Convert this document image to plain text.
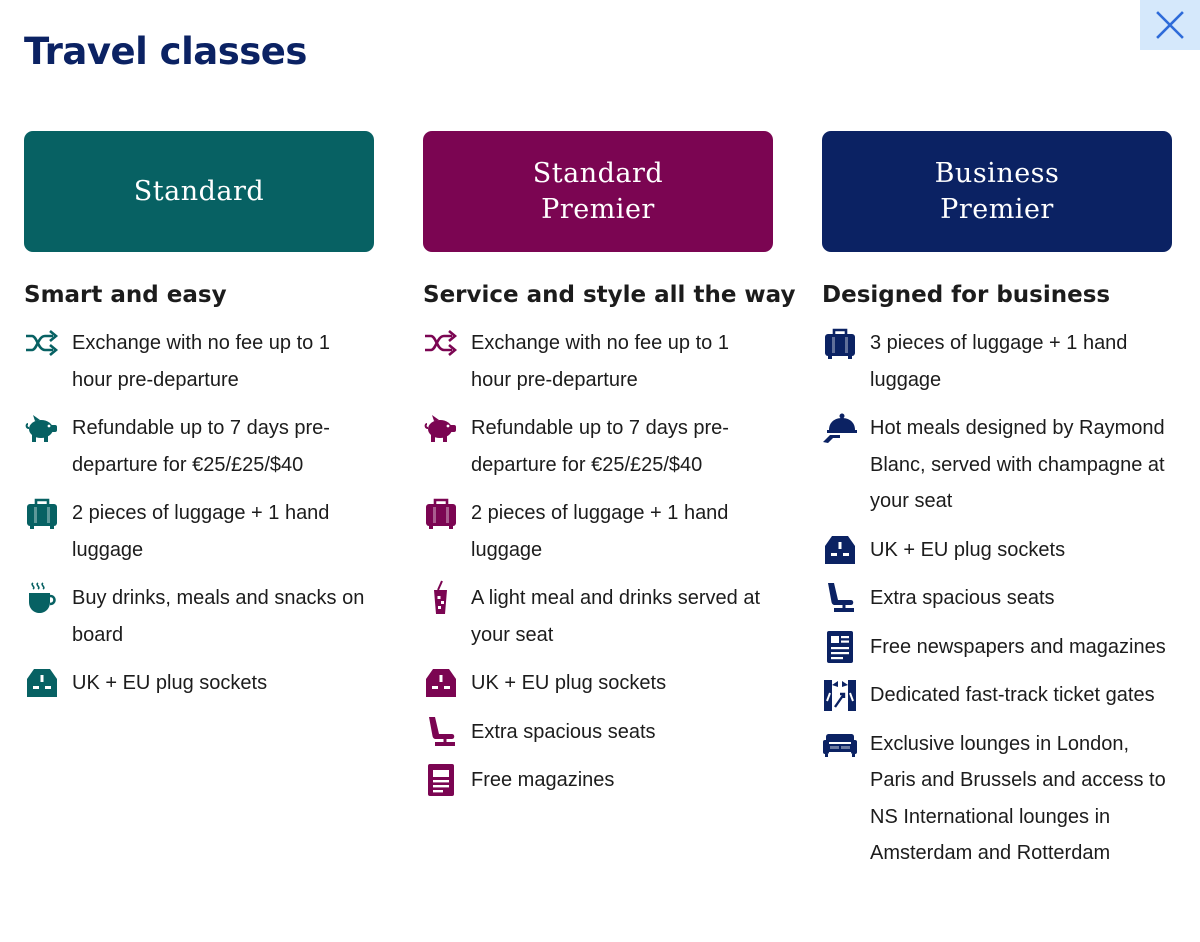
Travel classes
Standard
Smart and easy
Exchange with no fee up to 1 hour pre-departure
Refundable up to 7 days pre-departure for €25/£25/$40
2 pieces of luggage + 1 hand luggage
Buy drinks, meals and snacks on board
UK + EU plug sockets
Standard Premier
Service and style all the way
Exchange with no fee up to 1 hour pre-departure
Refundable up to 7 days pre-departure for €25/£25/$40
2 pieces of luggage + 1 hand luggage
A light meal and drinks served at your seat
UK + EU plug sockets
Extra spacious seats
Free magazines
Business Premier
Designed for business
3 pieces of luggage + 1 hand luggage
Hot meals designed by Raymond Blanc, served with champagne at your seat
UK + EU plug sockets
Extra spacious seats
Free newspapers and magazines
Dedicated fast-track ticket gates
Exclusive lounges in London, Paris and Brussels and access to NS International lounges in Amsterdam and Rotterdam
